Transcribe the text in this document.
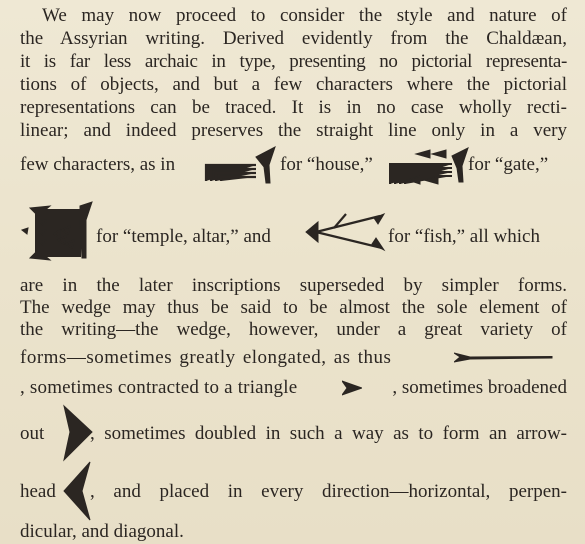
We may now proceed to consider the style and nature of
the Assyrian writing. Derived evidently from the Chaldæan,
it is far less archaic in type, presenting no pictorial representa-
tions of objects, and but a few characters where the pictorial
representations can be traced. It is in no case wholly recti-
linear; and indeed preserves the straight line only in a very
few characters, as in	for “house,”	for “gate,”
for “temple, altar,” and	for “fish,” all which
are in the later inscriptions superseded by simpler forms.
The wedge may thus be said to be almost the sole element of
the writing—the wedge, however, under a great variety of
forms—sometimes greatly elongated, as thus
, sometimes contracted to a triangle	, sometimes broadened
out , sometimes doubled in such a way as to form an arrow-
head , and placed in every direction—horizontal, perpen-
dicular, and diagonal.
